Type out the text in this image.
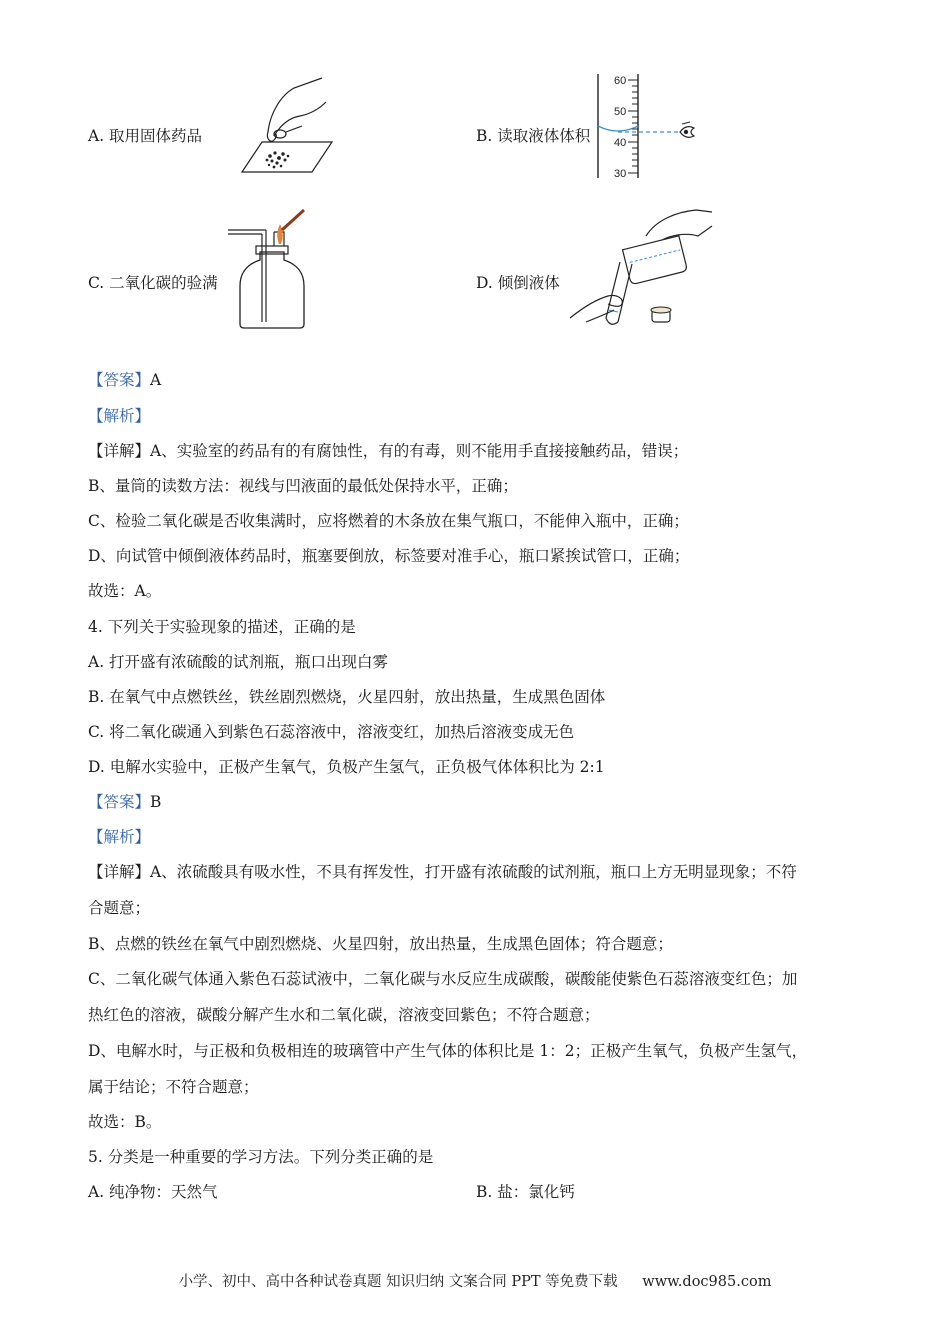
A. 取用固体药品	B. 读取液体体积
60
50
40
30
C. 二氧化碳的验满	D. 倾倒液体
【答案】A
【解析】
【详解】A、实验室的药品有的有腐蚀性，有的有毒，则不能用手直接接触药品，错误；
B、量筒的读数方法：视线与凹液面的最低处保持水平，正确；
C、检验二氧化碳是否收集满时，应将燃着的木条放在集气瓶口，不能伸入瓶中，正确；
D、向试管中倾倒液体药品时，瓶塞要倒放，标签要对准手心，瓶口紧挨试管口，正确；
故选：A。
4. 下列关于实验现象的描述，正确的是
A. 打开盛有浓硫酸的试剂瓶，瓶口出现白雾
B. 在氧气中点燃铁丝，铁丝剧烈燃烧，火星四射，放出热量，生成黑色固体
C. 将二氧化碳通入到紫色石蕊溶液中，溶液变红，加热后溶液变成无色
D. 电解水实验中，正极产生氧气，负极产生氢气，正负极气体体积比为 2:1
【答案】B
【解析】
【详解】A、浓硫酸具有吸水性，不具有挥发性，打开盛有浓硫酸的试剂瓶，瓶口上方无明显现象；不符
合题意；
B、点燃的铁丝在氧气中剧烈燃烧、火星四射，放出热量，生成黑色固体；符合题意；
C、二氧化碳气体通入紫色石蕊试液中，二氧化碳与水反应生成碳酸，碳酸能使紫色石蕊溶液变红色；加
热红色的溶液，碳酸分解产生水和二氧化碳，溶液变回紫色；不符合题意；
D、电解水时，与正极和负极相连的玻璃管中产生气体的体积比是 1：2；正极产生氧气，负极产生氢气，
属于结论；不符合题意；
故选：B。
5. 分类是一种重要的学习方法。下列分类正确的是
A. 纯净物：天然气	B. 盐：氯化钙
小学、初中、高中各种试卷真题 知识归纳 文案合同 PPT 等免费下载 www.doc985.com
